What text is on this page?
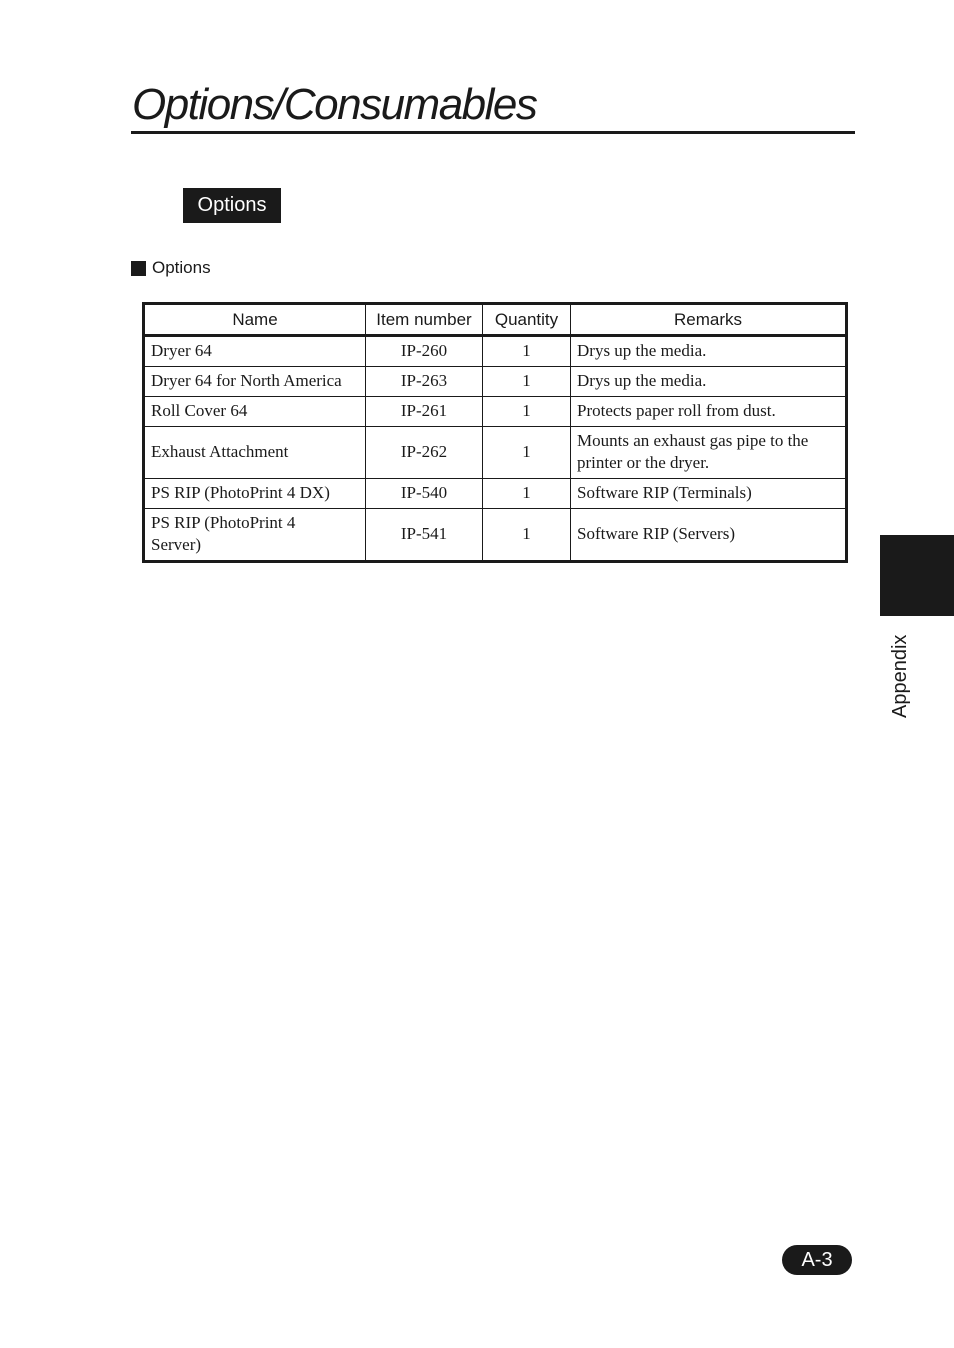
Options/Consumables
Options
Options
Name	Item number	Quantity	Remarks
Dryer 64	IP-260	1	Drys up the media.
Dryer 64 for North America	IP-263	1	Drys up the media.
Roll Cover 64	IP-261	1	Protects paper roll from dust.
Exhaust Attachment	IP-262	1	Mounts an exhaust gas pipe to the printer or the dryer.
PS RIP (PhotoPrint 4 DX)	IP-540	1	Software RIP (Terminals)
PS RIP (PhotoPrint 4 Server)	IP-541	1	Software RIP (Servers)
Appendix
A-3
